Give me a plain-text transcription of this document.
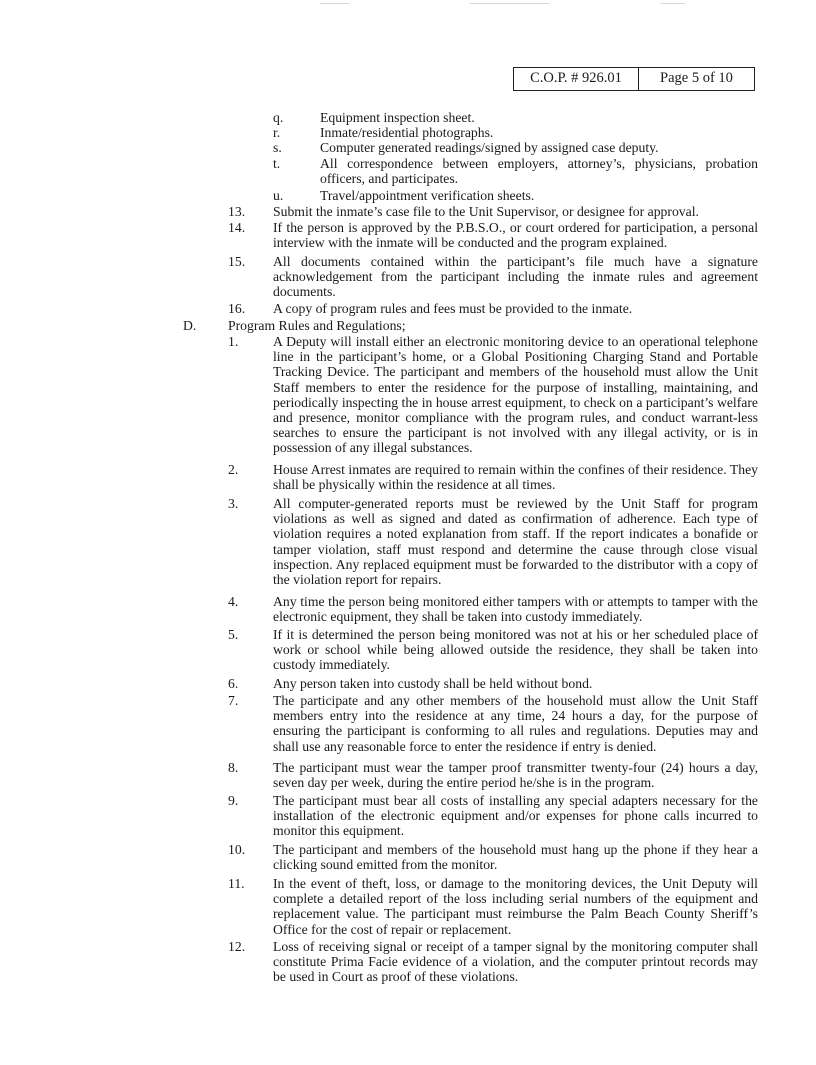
C.O.P. # 926.01	Page 5 of 10
q.	Equipment inspection sheet.
r.	Inmate/residential photographs.
s.	Computer generated readings/signed by assigned case deputy.
t.	All correspondence between employers, attorney’s, physicians, probation officers, and participates.
u.	Travel/appointment verification sheets.
13. Submit the inmate’s case file to the Unit Supervisor, or designee for approval.
14. If the person is approved by the P.B.S.O., or court ordered for participation, a personal interview with the inmate will be conducted and the program explained.
15. All documents contained within the participant’s file much have a signature acknowledgement from the participant including the inmate rules and agreement documents.
16. A copy of program rules and fees must be provided to the inmate.
D. Program Rules and Regulations;
1.	A Deputy will install either an electronic monitoring device to an operational telephone line in the participant’s home, or a Global Positioning Charging Stand and Portable Tracking Device. The participant and members of the household must allow the Unit Staff members to enter the residence for the purpose of installing, maintaining, and periodically inspecting the in house arrest equipment, to check on a participant’s welfare and presence, monitor compliance with the program rules, and conduct warrant-less searches to ensure the participant is not involved with any illegal activity, or is in possession of any illegal substances.
2.	House Arrest inmates are required to remain within the confines of their residence. They shall be physically within the residence at all times.
3.	All computer-generated reports must be reviewed by the Unit Staff for program violations as well as signed and dated as confirmation of adherence. Each type of violation requires a noted explanation from staff. If the report indicates a bonafide or tamper violation, staff must respond and determine the cause through close visual inspection. Any replaced equipment must be forwarded to the distributor with a copy of the violation report for repairs.
4.	Any time the person being monitored either tampers with or attempts to tamper with the electronic equipment, they shall be taken into custody immediately.
5.	If it is determined the person being monitored was not at his or her scheduled place of work or school while being allowed outside the residence, they shall be taken into custody immediately.
6.	Any person taken into custody shall be held without bond.
7.	The participate and any other members of the household must allow the Unit Staff members entry into the residence at any time, 24 hours a day, for the purpose of ensuring the participant is conforming to all rules and regulations. Deputies may and shall use any reasonable force to enter the residence if entry is denied.
8.	The participant must wear the tamper proof transmitter twenty-four (24) hours a day, seven day per week, during the entire period he/she is in the program.
9.	The participant must bear all costs of installing any special adapters necessary for the installation of the electronic equipment and/or expenses for phone calls incurred to monitor this equipment.
10. The participant and members of the household must hang up the phone if they hear a clicking sound emitted from the monitor.
11. In the event of theft, loss, or damage to the monitoring devices, the Unit Deputy will complete a detailed report of the loss including serial numbers of the equipment and replacement value. The participant must reimburse the Palm Beach County Sheriff’s Office for the cost of repair or replacement.
12. Loss of receiving signal or receipt of a tamper signal by the monitoring computer shall constitute Prima Facie evidence of a violation, and the computer printout records may be used in Court as proof of these violations.
